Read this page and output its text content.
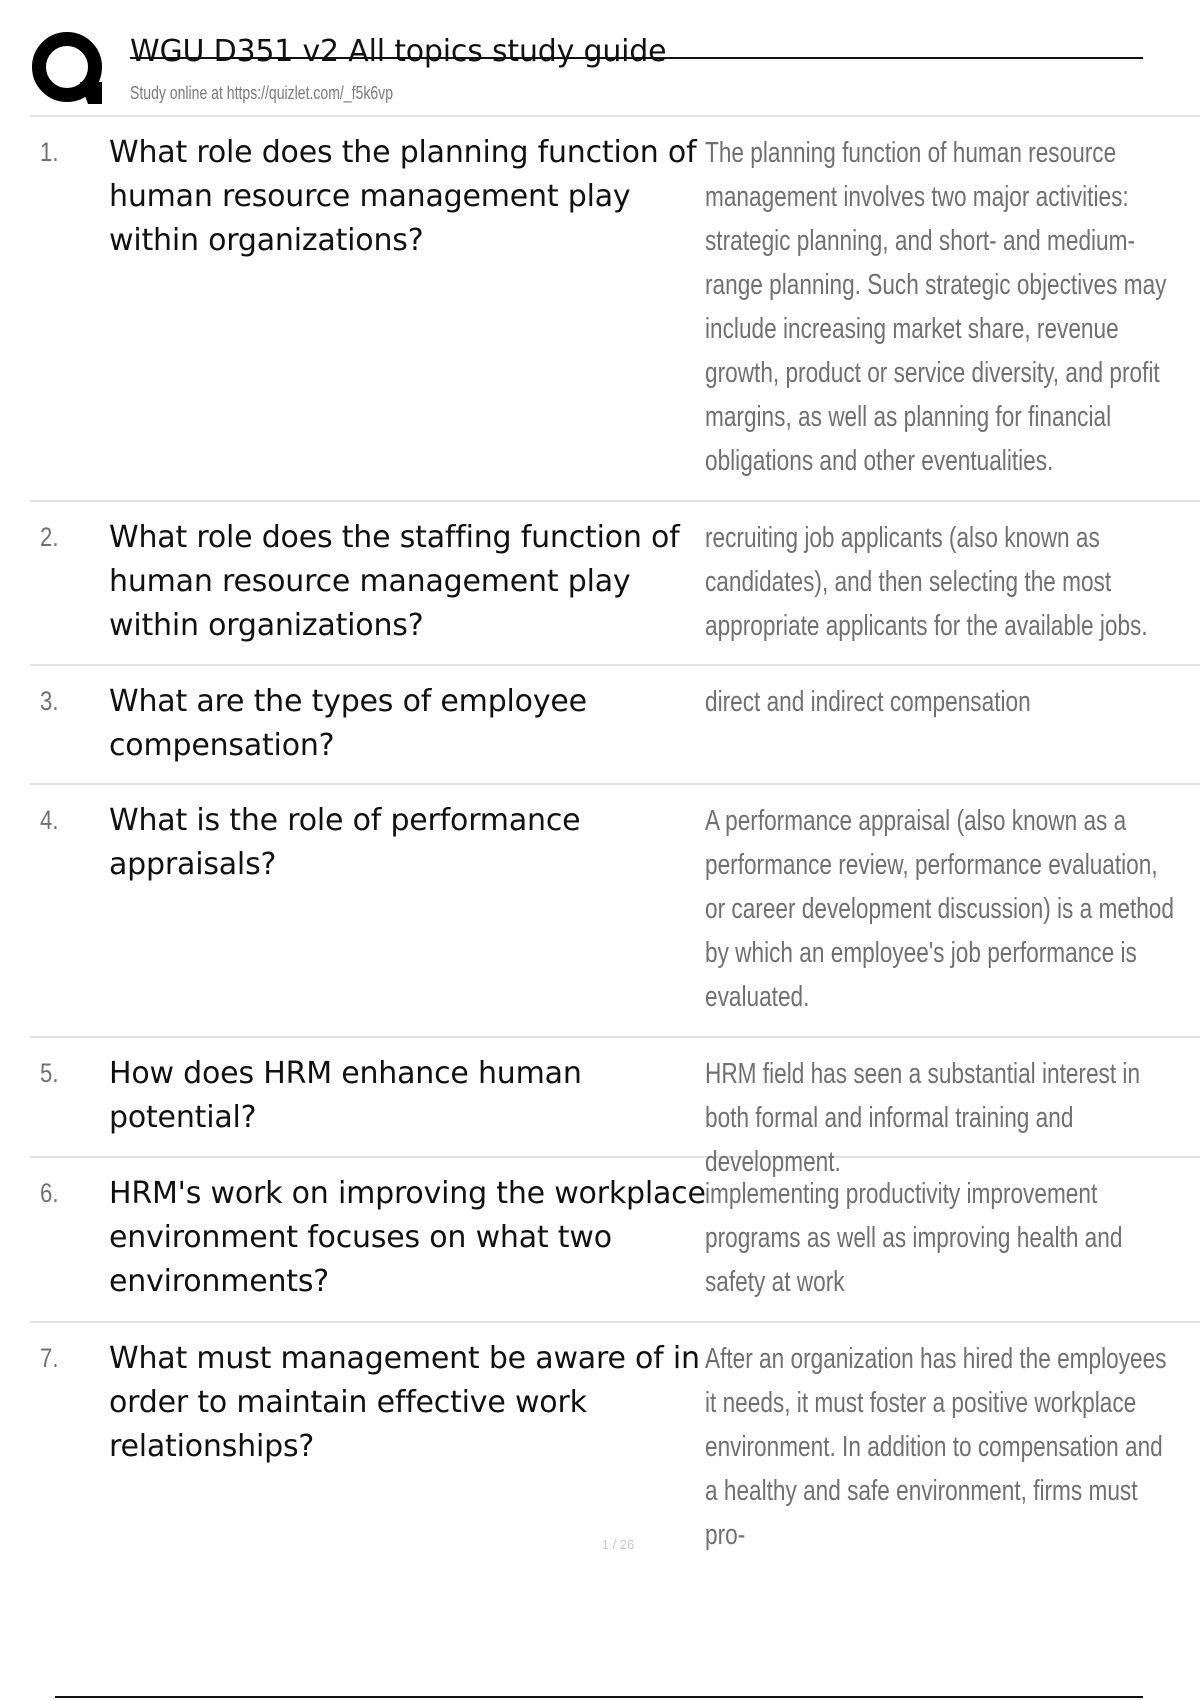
WGU D351 v2 All topics study guide
Study online at https://quizlet.com/_f5k6vp
1. What role does the planning function of human resource management play within organizations?
The planning function of human resource management involves two major activities: strategic planning, and short- and medium-range planning. Such strategic objectives may include increasing market share, revenue growth, product or service diversity, and profit margins, as well as planning for financial obligations and other eventualities.
2. What role does the staffing function of human resource management play within organizations?
recruiting job applicants (also known as candidates), and then selecting the most appropriate applicants for the available jobs.
3. What are the types of employee compensation?
direct and indirect compensation
4. What is the role of performance appraisals?
A performance appraisal (also known as a performance review, performance evaluation, or career development discussion) is a method by which an employee's job performance is evaluated.
5. How does HRM enhance human potential?
HRM field has seen a substantial interest in both formal and informal training and development.
6. HRM's work on improving the workplace environment focuses on what two environments?
implementing productivity improvement programs as well as improving health and safety at work
7. What must management be aware of in order to maintain effective work relationships?
After an organization has hired the employees it needs, it must foster a positive workplace environment. In addition to compensation and a healthy and safe environment, firms must pro-
1 / 26
